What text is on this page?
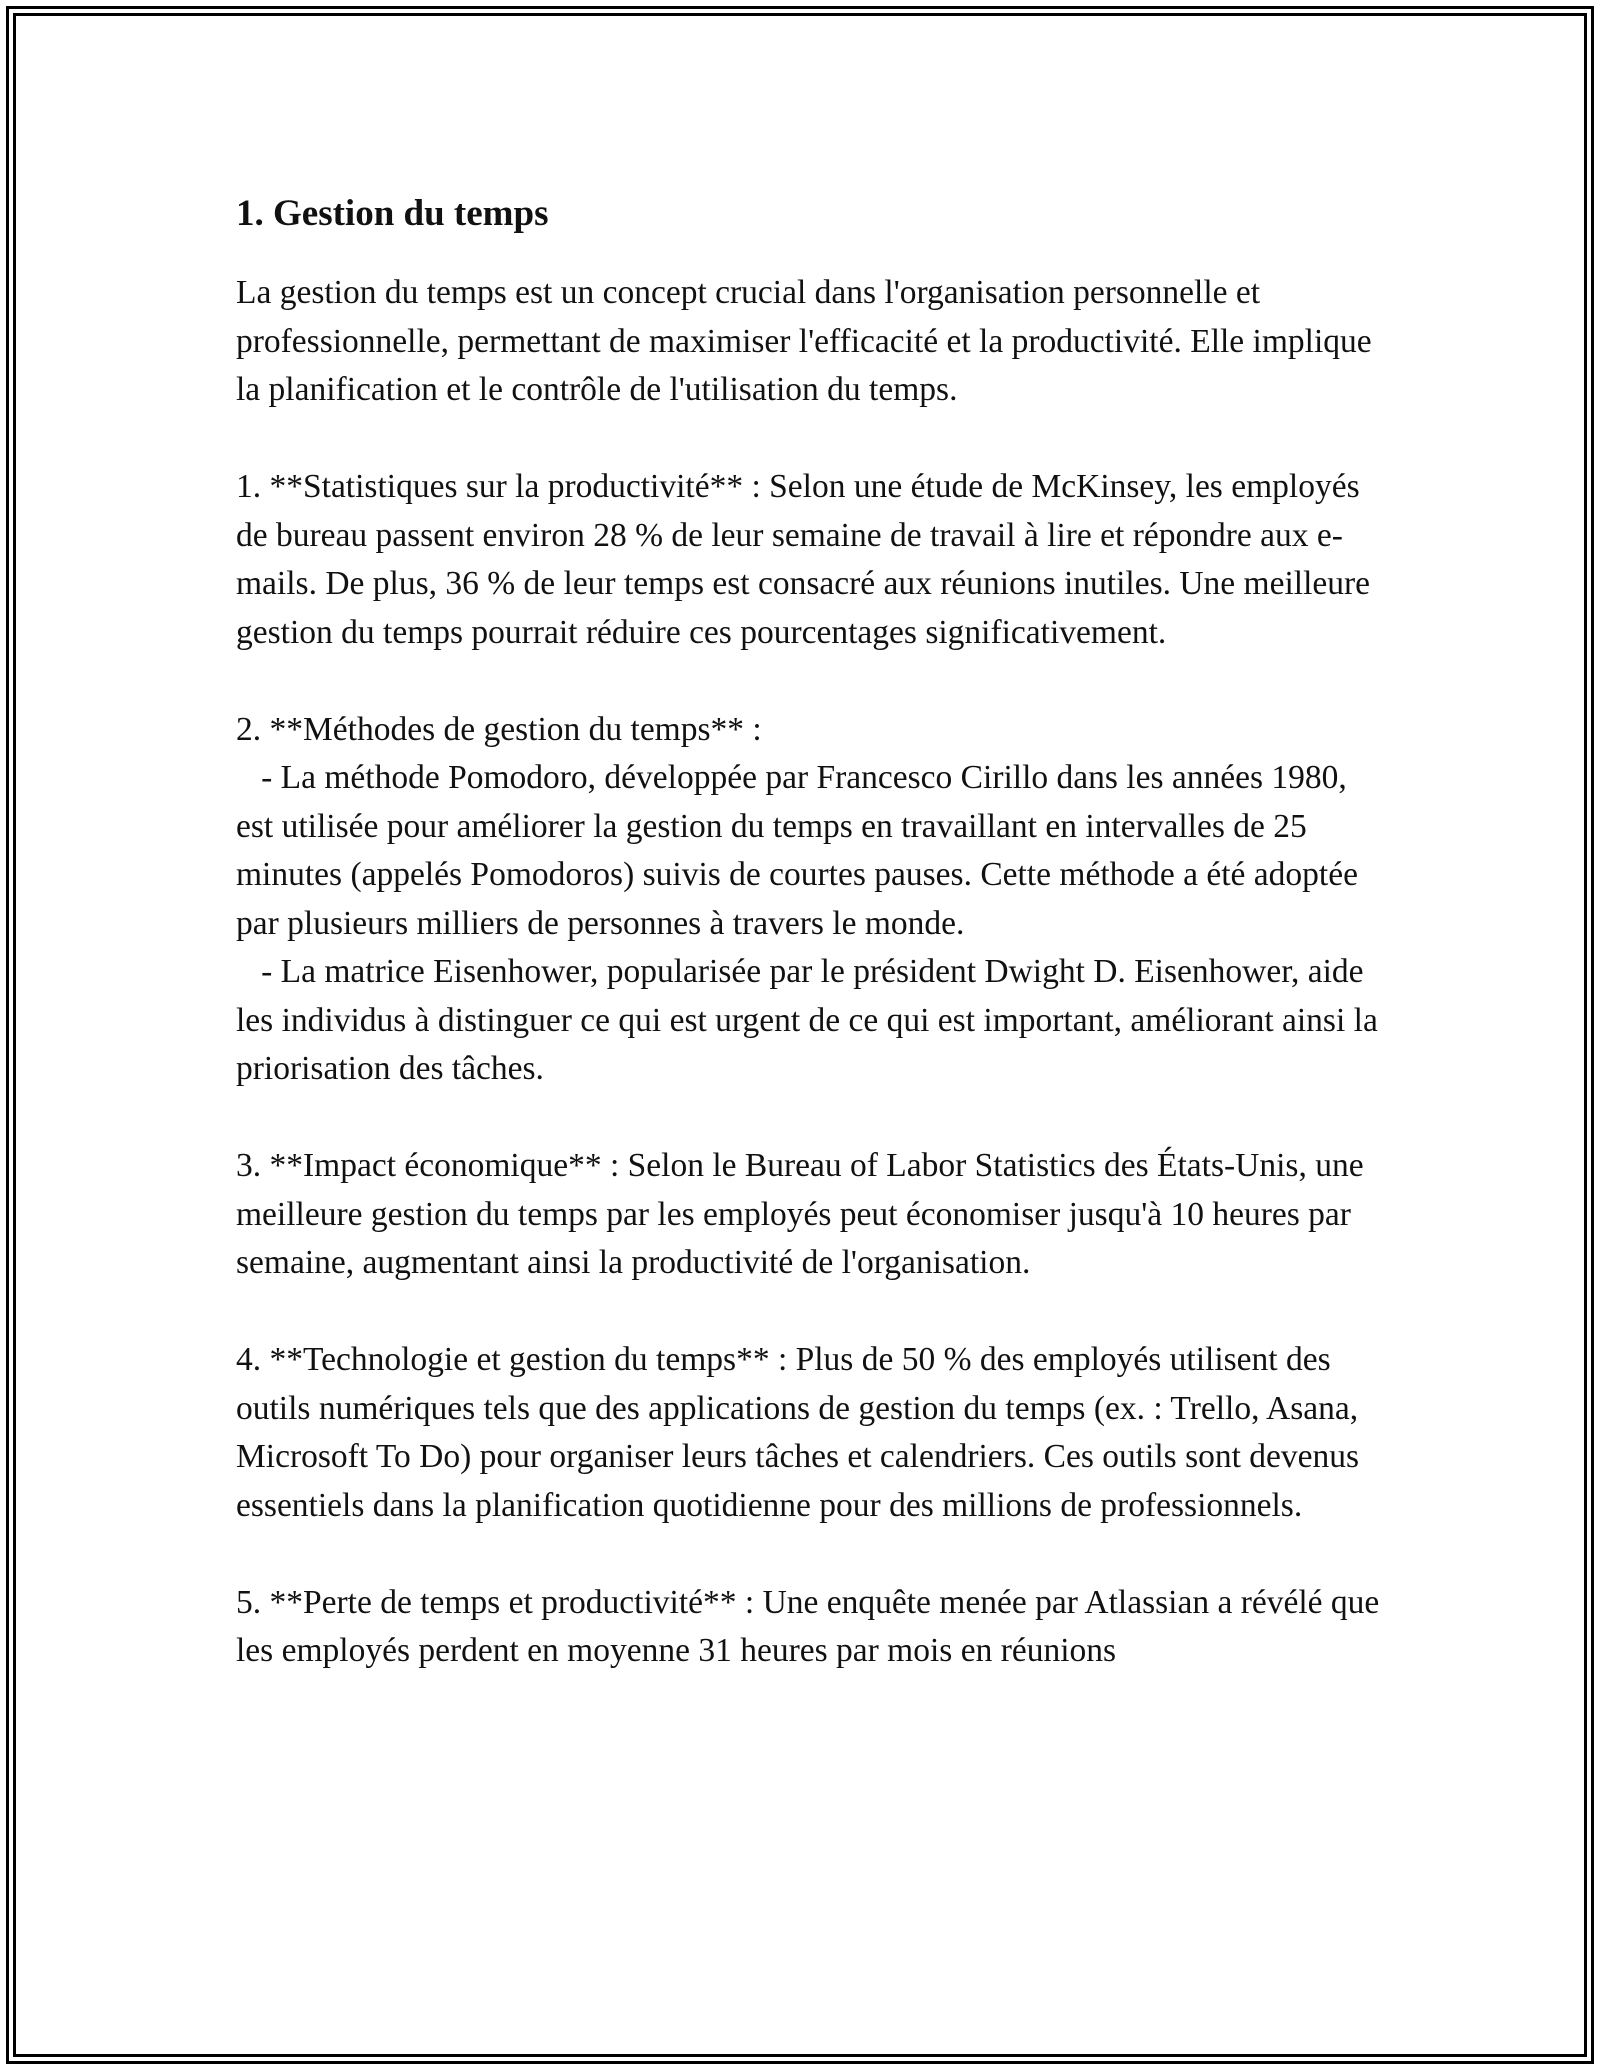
1. Gestion du temps

La gestion du temps est un concept crucial dans l'organisation personnelle et professionnelle, permettant de maximiser l'efficacité et la productivité. Elle implique la planification et le contrôle de l'utilisation du temps.

1. **Statistiques sur la productivité** : Selon une étude de McKinsey, les employés de bureau passent environ 28 % de leur semaine de travail à lire et répondre aux e-mails. De plus, 36 % de leur temps est consacré aux réunions inutiles. Une meilleure gestion du temps pourrait réduire ces pourcentages significativement.

2. **Méthodes de gestion du temps** :

- La méthode Pomodoro, développée par Francesco Cirillo dans les années 1980, est utilisée pour améliorer la gestion du temps en travaillant en intervalles de 25 minutes (appelés Pomodoros) suivis de courtes pauses. Cette méthode a été adoptée par plusieurs milliers de personnes à travers le monde.

- La matrice Eisenhower, popularisée par le président Dwight D. Eisenhower, aide les individus à distinguer ce qui est urgent de ce qui est important, améliorant ainsi la priorisation des tâches.

3. **Impact économique** : Selon le Bureau of Labor Statistics des États-Unis, une meilleure gestion du temps par les employés peut économiser jusqu'à 10 heures par semaine, augmentant ainsi la productivité de l'organisation.

4. **Technologie et gestion du temps** : Plus de 50 % des employés utilisent des outils numériques tels que des applications de gestion du temps (ex. : Trello, Asana, Microsoft To Do) pour organiser leurs tâches et calendriers. Ces outils sont devenus essentiels dans la planification quotidienne pour des millions de professionnels.

5. **Perte de temps et productivité** : Une enquête menée par Atlassian a révélé que les employés perdent en moyenne 31 heures par mois en réunions
